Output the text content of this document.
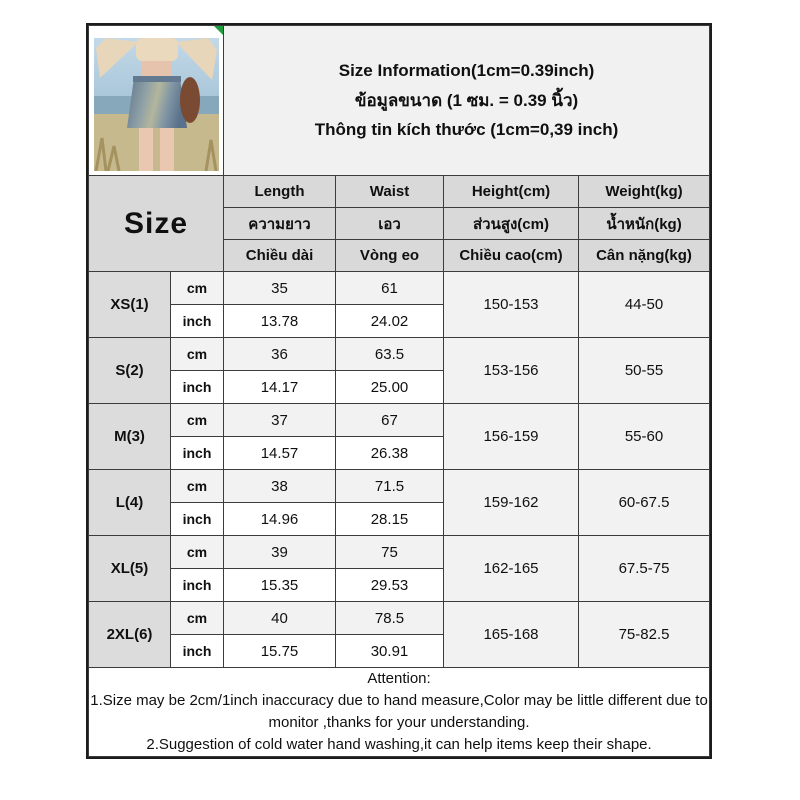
Size Information(1cm=0.39inch)
ข้อมูลขนาด (1 ซม. = 0.39 นิ้ว)
Thông tin kích thước (1cm=0,39 inch)			

Size		Length	Waist	Height(cm)	Weight(kg)
		ความยาว	เอว	ส่วนสูง(cm)	น้ำหนัก(kg)
		Chiều dài	Vòng eo	Chiều cao(cm)	Cân nặng(kg)
XS(1)	cm	35	61	150-153	44-50
	inch	13.78	24.02		
S(2)	cm	36	63.5	153-156	50-55
	inch	14.17	25.00		
M(3)	cm	37	67	156-159	55-60
	inch	14.57	26.38		
L(4)	cm	38	71.5	159-162	60-67.5
	inch	14.96	28.15		
XL(5)	cm	39	75	162-165	67.5-75
	inch	15.35	29.53		
2XL(6)	cm	40	78.5	165-168	75-82.5
	inch	15.75	30.91		

Attention:
1.Size may be 2cm/1inch inaccuracy due to hand measure,Color may be little different due to monitor ,thanks for your understanding.
2.Suggestion of cold water hand washing,it can help items keep their shape.					
